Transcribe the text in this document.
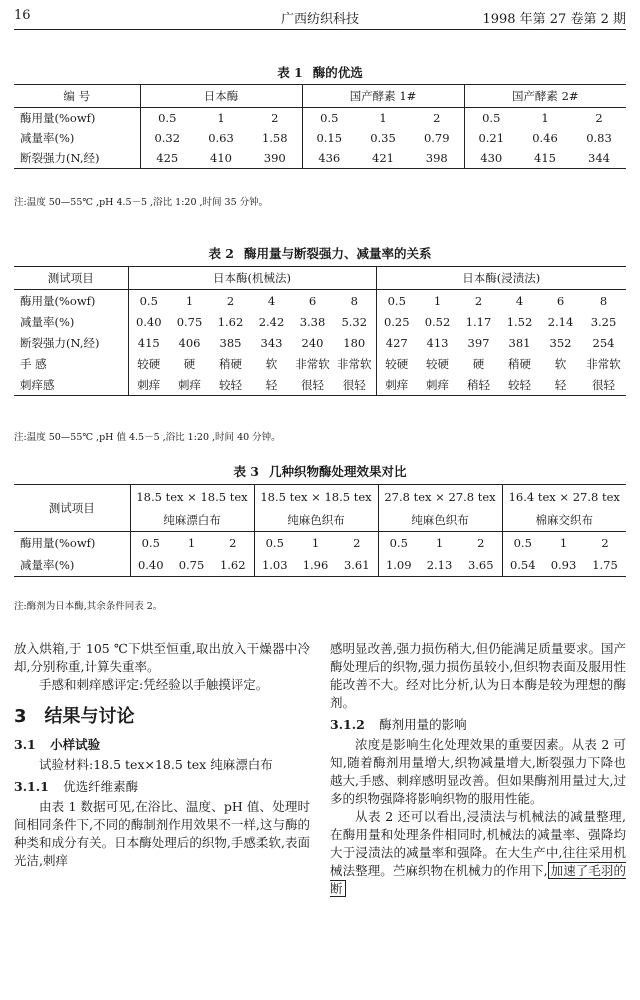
16	广西纺织科技	1998 年第 27 卷第 2 期
表 1 酶的优选
编 号	日本酶			国产酵素 1#			国产酵素 2#		
酶用量(%owf)	0.5	1	2	0.5	1	2	0.5	1	2
减量率(%)	0.32	0.63	1.58	0.15	0.35	0.79	0.21	0.46	0.83
断裂强力(N,经)	425	410	390	436	421	398	430	415	344
注:温度 50—55℃ ,pH 4.5－5 ,浴比 1:20 ,时间 35 分钟。
表 2 酶用量与断裂强力、减量率的关系
测试项目	日本酶(机械法)						日本酶(浸渍法)					
酶用量(%owf)	0.5	1	2	4	6	8	0.5	1	2	4	6	8
减量率(%)	0.40	0.75	1.62	2.42	3.38	5.32	0.25	0.52	1.17	1.52	2.14	3.25
断裂强力(N,经)	415	406	385	343	240	180	427	413	397	381	352	254
手 感	较硬	硬	稍硬	软	非常软	非常软	较硬	较硬	硬	稍硬	软	非常软
刺痒感	刺痒	刺痒	较轻	轻	很轻	很轻	刺痒	刺痒	稍轻	较轻	轻	很轻
注:温度 50—55℃ ,pH 值 4.5－5 ,浴比 1:20 ,时间 40 分钟。
表 3 几种织物酶处理效果对比
测试项目	18.5 tex × 18.5 tex			18.5 tex × 18.5 tex			27.8 tex × 27.8 tex			16.4 tex × 27.8 tex		
	纯麻漂白布			纯麻色织布			纯麻色织布			棉麻交织布		
酶用量(%owf)	0.5	1	2	0.5	1	2	0.5	1	2	0.5	1	2
减量率(%)	0.40	0.75	1.62	1.03	1.96	3.61	1.09	2.13	3.65	0.54	0.93	1.75
注:酶剂为日本酶,其余条件同表 2。

放入烘箱,于 105 ℃下烘至恒重,取出放入干燥器中冷却,分别称重,计算失重率。

手感和刺痒感评定:凭经验以手触摸评定。

3　结果与讨论
3.1 小样试验

试验材料:18.5 tex×18.5 tex 纯麻漂白布

3.1.1 优选纤维素酶

由表 1 数据可见,在浴比、温度、pH 值、处理时间相同条件下,不同的酶制剂作用效果不一样,这与酶的种类和成分有关。日本酶处理后的织物,手感柔软,表面光洁,刺痒

感明显改善,强力损伤稍大,但仍能满足质量要求。国产酶处理后的织物,强力损伤虽较小,但织物表面及服用性能改善不大。经对比分析,认为日本酶是较为理想的酶剂。

3.1.2 酶剂用量的影响

浓度是影响生化处理效果的重要因素。从表 2 可知,随着酶剂用量增大,织物减量增大,断裂强力下降也越大,手感、刺痒感明显改善。但如果酶剂用量过大,过多的织物强降将影响织物的服用性能。

从表 2 还可以看出,浸渍法与机械法的减量整理,在酶用量和处理条件相同时,机械法的减量率、强降均大于浸渍法的减量率和强降。在大生产中,往往采用机械法整理。苎麻织物在机械力的作用下, 加速了毛羽的断
